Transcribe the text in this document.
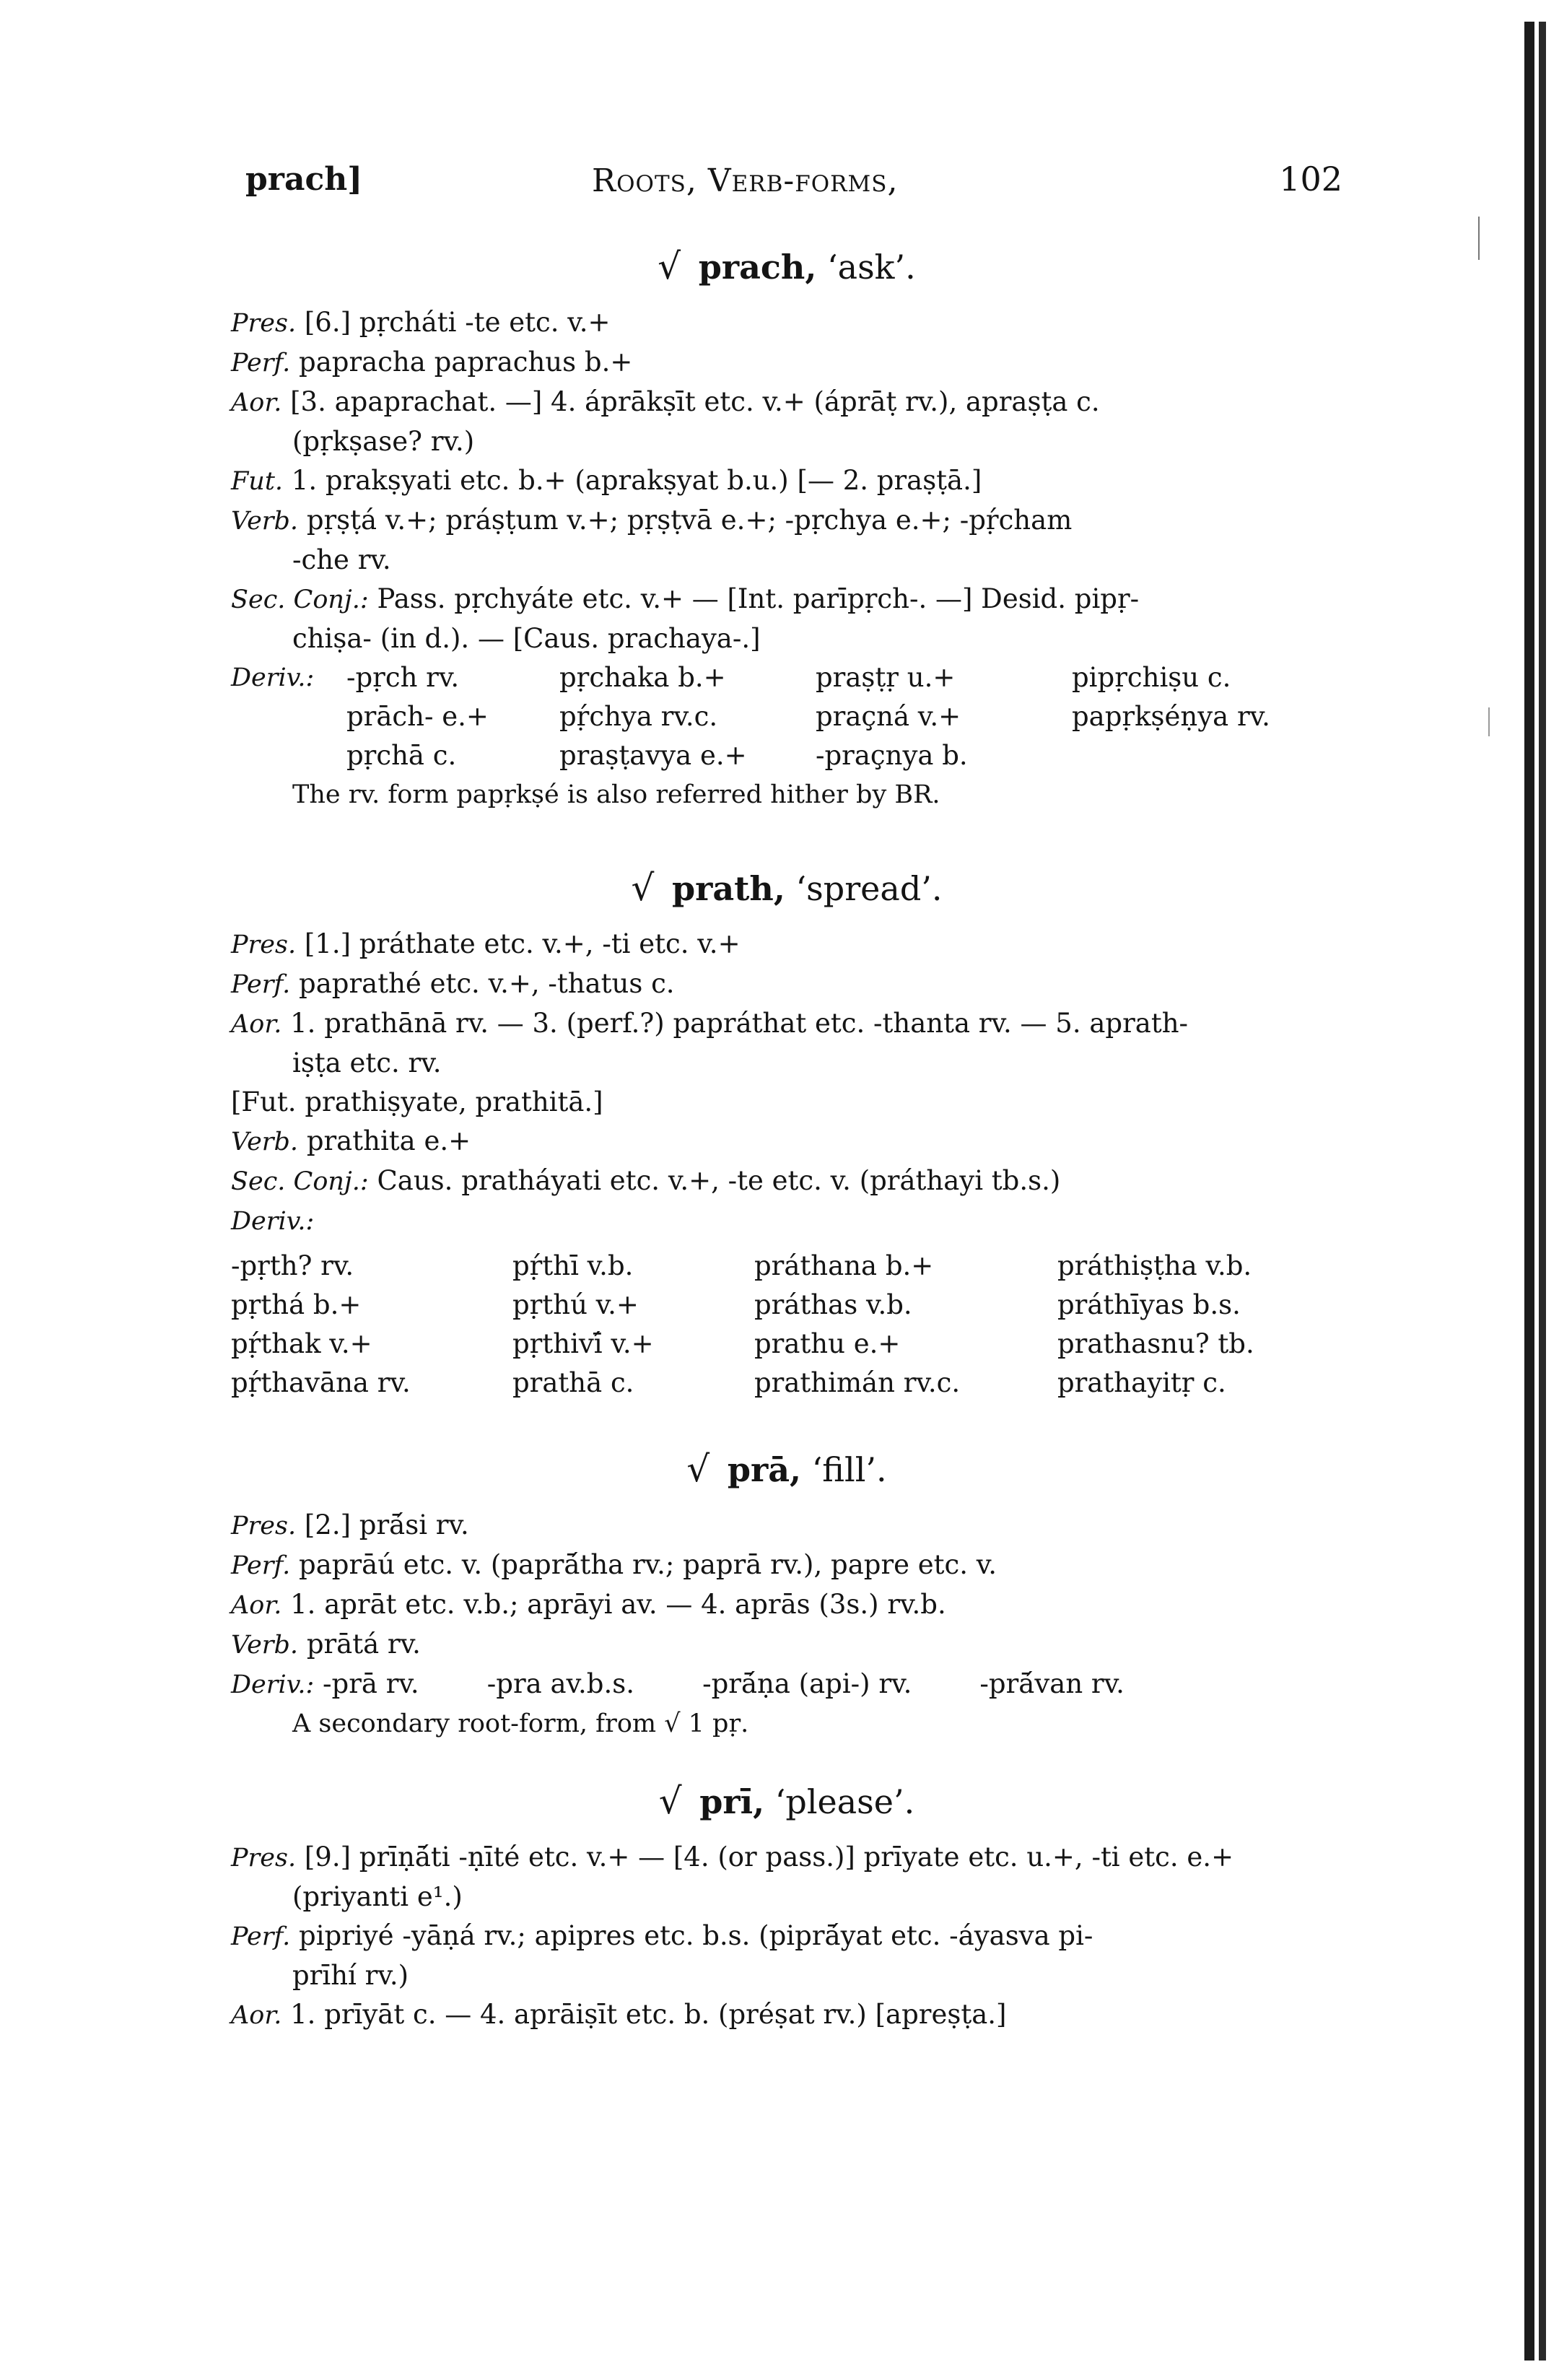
prach]	Roots, Verb-forms,	102
√ prach, ‘ask’.
Pres. [6.] pṛcháti -te etc. v.+
Perf. papracha paprachus b.+
Aor. [3. apaprachat. —] 4. áprākṣīt etc. v.+ (áprāṭ rv.), apraṣṭa c.
(pṛkṣase? rv.)
Fut. 1. prakṣyati etc. b.+ (aprakṣyat b.u.) [— 2. praṣṭā.]
Verb. pṛṣṭá v.+; práṣṭum v.+; pṛṣṭvā e.+; -pṛchya e.+; -pṛ́cham
-che rv.
Sec. Conj.: Pass. pṛchyáte etc. v.+ — [Int. parīpṛch-. —] Desid. pipṛ-
chiṣa- (in d.). — [Caus. prachaya-.]
Deriv.: -pṛch rv.	pṛchaka b.+	praṣṭṛ u.+	pipṛchiṣu c.
prāch- e.+	pṛ́chya rv.c.	praçná v.+	papṛkṣéṇya rv.
pṛchā c.	praṣṭavya e.+	-praçnya b.
The rv. form papṛkṣé is also referred hither by BR.
√ prath, ‘spread’.
Pres. [1.] práthate etc. v.+, -ti etc. v.+
Perf. paprathé etc. v.+, -thatus c.
Aor. 1. prathānā rv. — 3. (perf.?) papráthat etc. -thanta rv. — 5. aprath-
iṣṭa etc. rv.
[Fut. prathiṣyate, prathitā.]
Verb. prathita e.+
Sec. Conj.: Caus. pratháyati etc. v.+, -te etc. v. (práthayi tb.s.)
Deriv.:
-pṛth? rv.	pṛ́thī v.b.	práthana b.+	práthiṣṭha v.b.
pṛthá b.+	pṛthú v.+	práthas v.b.	práthīyas b.s.
pṛ́thak v.+	pṛthivī́ v.+	prathu e.+	prathasnu? tb.
pṛ́thavāna rv.	prathā c.	prathimán rv.c.	prathayitṛ c.
√ prā, ‘fill’.
Pres. [2.] prā́si rv.
Perf. paprāú etc. v. (paprā́tha rv.; paprā rv.), papre etc. v.
Aor. 1. aprāt etc. v.b.; aprāyi av. — 4. aprās (3s.) rv.b.
Verb. prātá rv.
Deriv.: -prā rv.        -pra av.b.s.        -prā́ṇa (api-) rv.        -prā́van rv.
A secondary root-form, from √ 1 pṛ.
√ prī, ‘please’.
Pres. [9.] prīṇā́ti -ṇīté etc. v.+ — [4. (or pass.)] prīyate etc. u.+, -ti etc. e.+
(priyanti e¹.)
Perf. pipriyé -yāṇá rv.; apipres etc. b.s. (piprā́yat etc. -áyasva pi-
prīhí rv.)
Aor. 1. prīyāt c. — 4. aprāiṣīt etc. b. (préṣat rv.) [apreṣṭa.]
